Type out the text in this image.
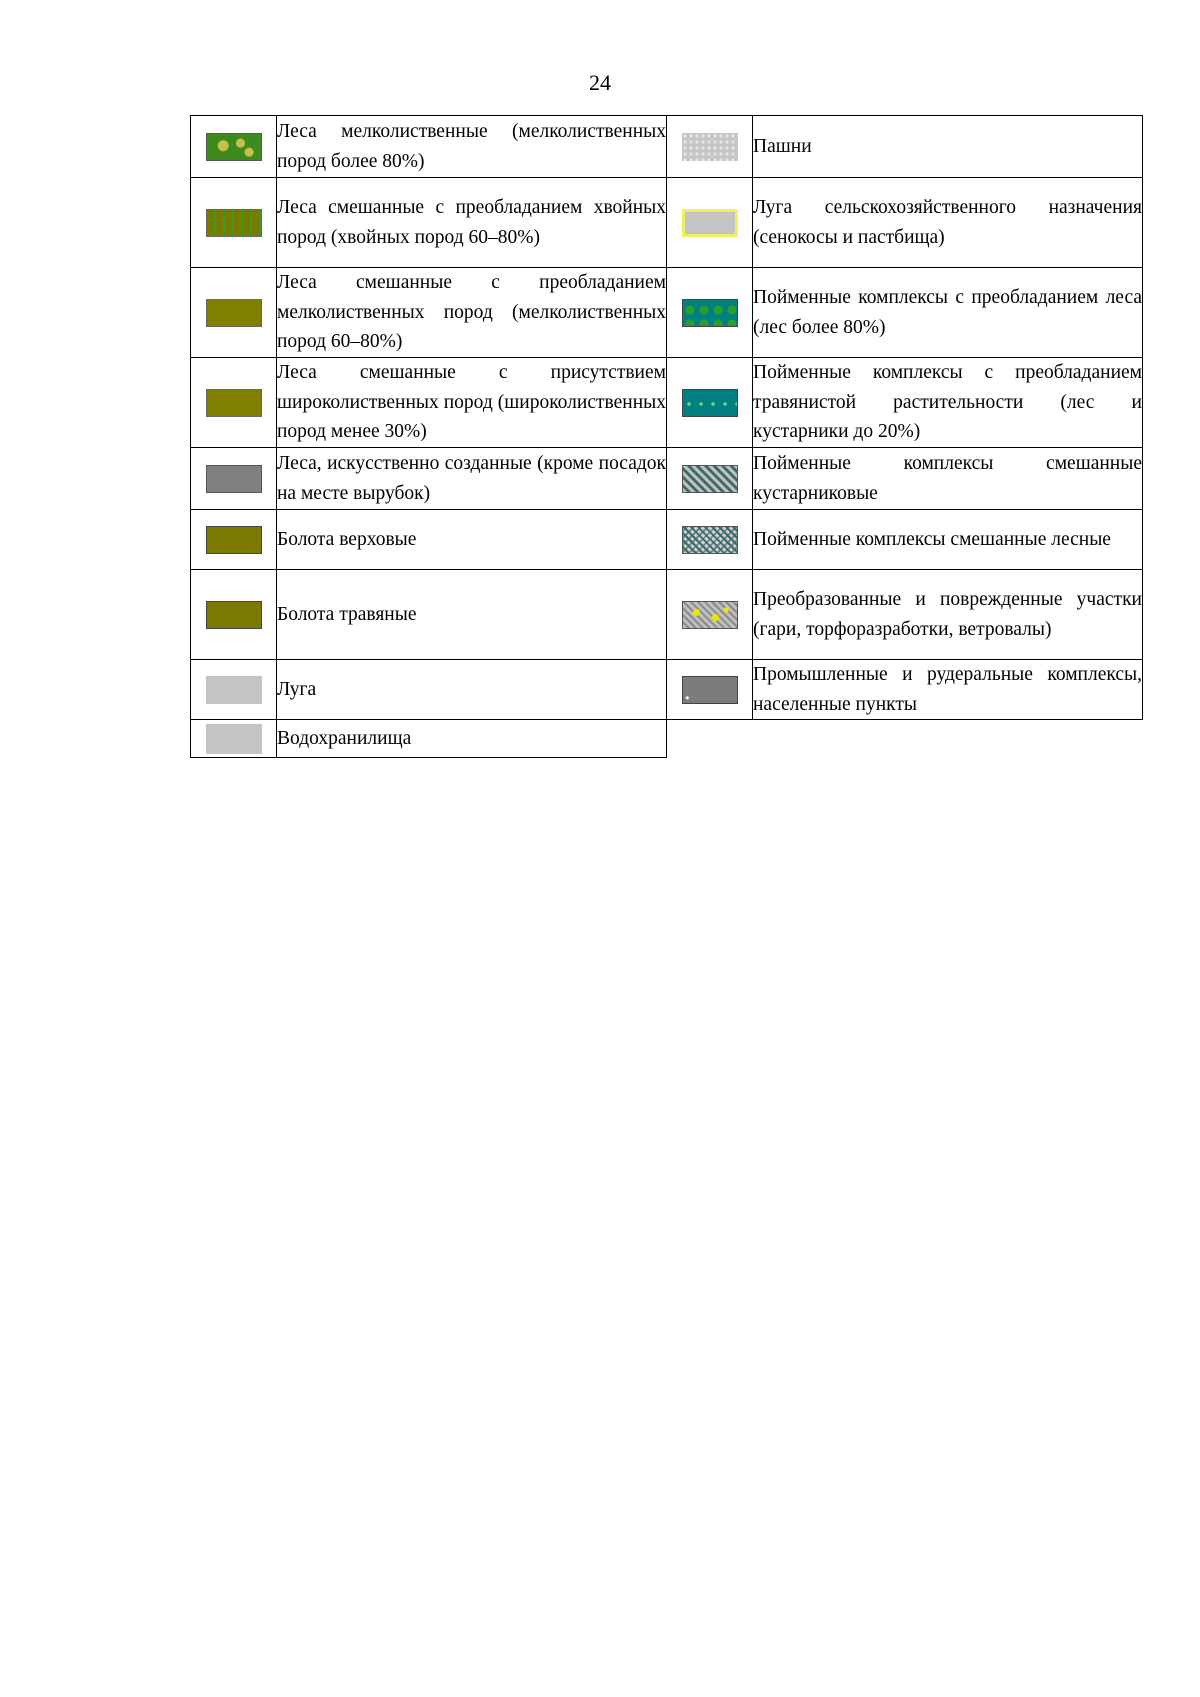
24
	Леса мелколиственные (мелколиственных пород более 80%)		Пашни
	Леса смешанные с преобладанием хвойных пород (хвойных пород 60–80%)		Луга сельскохозяйственного назначения (сенокосы и пастбища)
	Леса смешанные с преобладанием мелколиственных пород (мелколиственных пород 60–80%)		Пойменные комплексы с преобладанием леса (лес более 80%)
	Леса смешанные с присутствием широколиственных пород (широколиственных пород менее 30%)		Пойменные комплексы с преобладанием травянистой растительности (лес и кустарники до 20%)
	Леса, искусственно созданные (кроме посадок на месте вырубок)		Пойменные комплексы смешанные кустарниковые
	Болота верховые		Пойменные комплексы смешанные лесные
	Болота травяные		Преобразованные и поврежденные участки (гари, торфоразработки, ветровалы)
	Луга		Промышленные и рудеральные комплексы, населенные пункты
	Водохранилища		
